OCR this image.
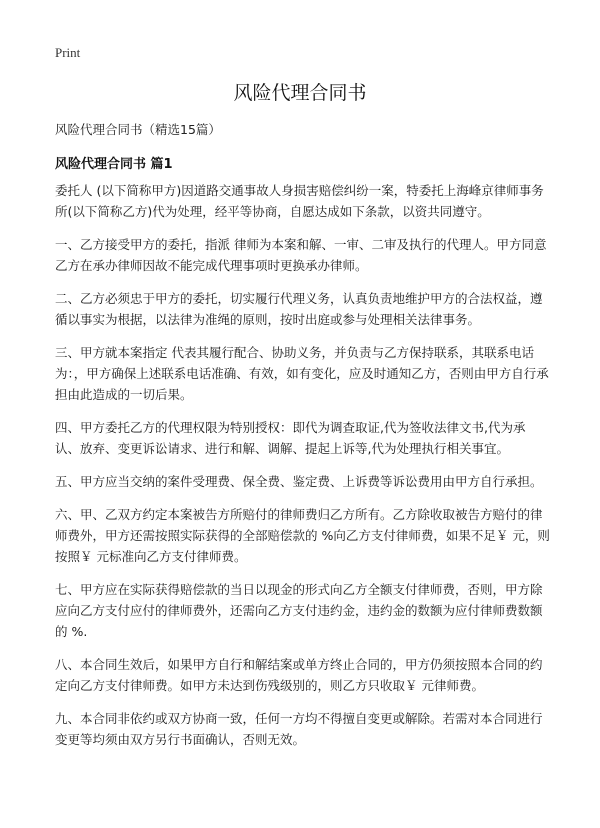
Print
风险代理合同书
风险代理合同书（精选15篇）
风险代理合同书 篇1

委托人 (以下简称甲方)因道路交通事故人身损害赔偿纠纷一案，特委托上海峰京律师事务所(以下简称乙方)代为处理，经平等协商，自愿达成如下条款，以资共同遵守。

一、乙方接受甲方的委托，指派 律师为本案和解、一审、二审及执行的代理人。甲方同意乙方在承办律师因故不能完成代理事项时更换承办律师。

二、乙方必须忠于甲方的委托，切实履行代理义务，认真负责地维护甲方的合法权益，遵循以事实为根据，以法律为准绳的原则，按时出庭或参与处理相关法律事务。

三、甲方就本案指定 代表其履行配合、协助义务，并负责与乙方保持联系，其联系电话为：，甲方确保上述联系电话准确、有效，如有变化，应及时通知乙方，否则由甲方自行承担由此造成的一切后果。

四、甲方委托乙方的代理权限为特别授权：即代为调查取证,代为签收法律文书,代为承认、放弃、变更诉讼请求、进行和解、调解、提起上诉等,代为处理执行相关事宜。

五、甲方应当交纳的案件受理费、保全费、鉴定费、上诉费等诉讼费用由甲方自行承担。

六、甲、乙双方约定本案被告方所赔付的律师费归乙方所有。乙方除收取被告方赔付的律师费外，甲方还需按照实际获得的全部赔偿款的 %向乙方支付律师费，如果不足￥ 元，则按照￥ 元标准向乙方支付律师费。

七、甲方应在实际获得赔偿款的当日以现金的形式向乙方全额支付律师费，否则，甲方除应向乙方支付应付的律师费外，还需向乙方支付违约金，违约金的数额为应付律师费数额的 %.

八、本合同生效后，如果甲方自行和解结案或单方终止合同的，甲方仍须按照本合同的约定向乙方支付律师费。如甲方未达到伤残级别的，则乙方只收取￥ 元律师费。

九、本合同非依约或双方协商一致，任何一方均不得擅自变更或解除。若需对本合同进行变更等均须由双方另行书面确认，否则无效。
